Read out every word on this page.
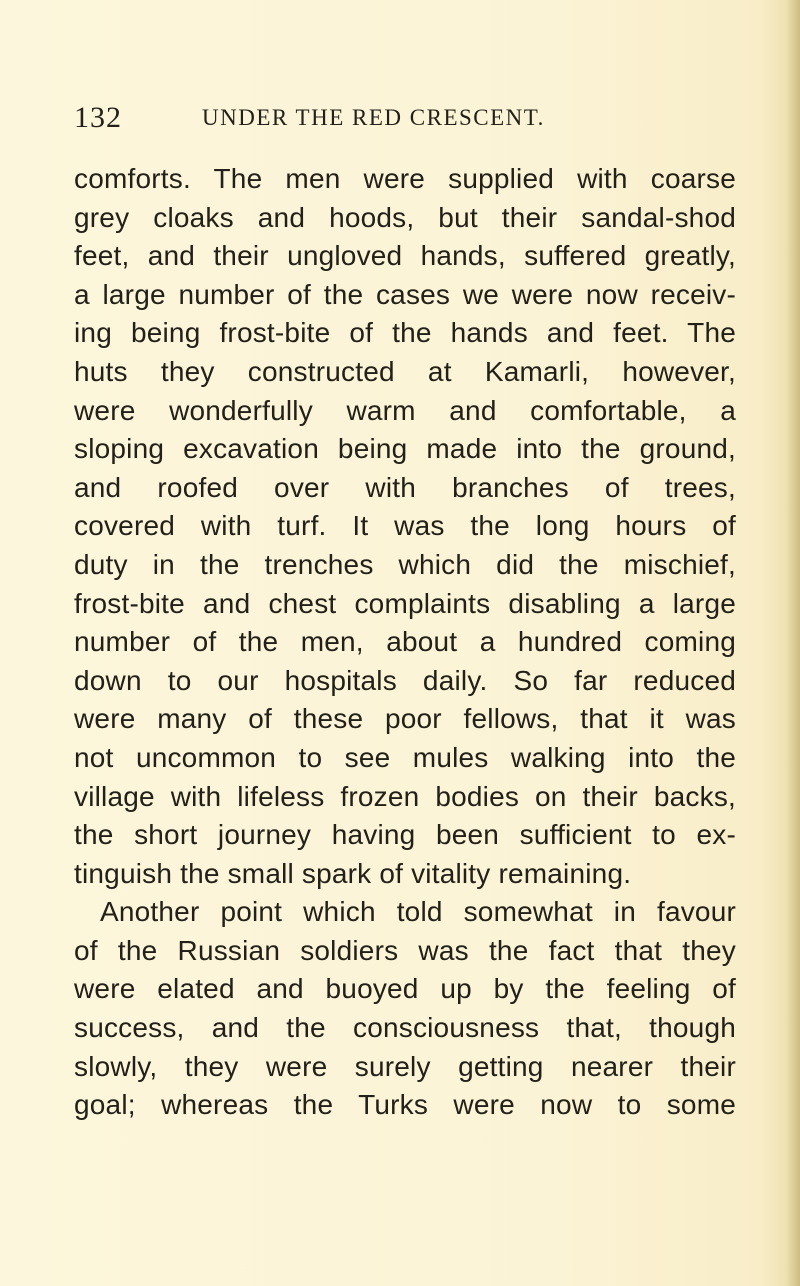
132	UNDER THE RED CRESCENT.
comforts. The men were supplied with coarse
grey cloaks and hoods, but their sandal-shod
feet, and their ungloved hands, suffered greatly,
a large number of the cases we were now receiv-
ing being frost-bite of the hands and feet. The
huts they constructed at Kamarli, however,
were wonderfully warm and comfortable, a
sloping excavation being made into the ground,
and roofed over with branches of trees,
covered with turf. It was the long hours of
duty in the trenches which did the mischief,
frost-bite and chest complaints disabling a large
number of the men, about a hundred coming
down to our hospitals daily. So far reduced
were many of these poor fellows, that it was
not uncommon to see mules walking into the
village with lifeless frozen bodies on their backs,
the short journey having been sufficient to ex-
tinguish the small spark of vitality remaining.
Another point which told somewhat in favour
of the Russian soldiers was the fact that they
were elated and buoyed up by the feeling of
success, and the consciousness that, though
slowly, they were surely getting nearer their
goal; whereas the Turks were now to some
